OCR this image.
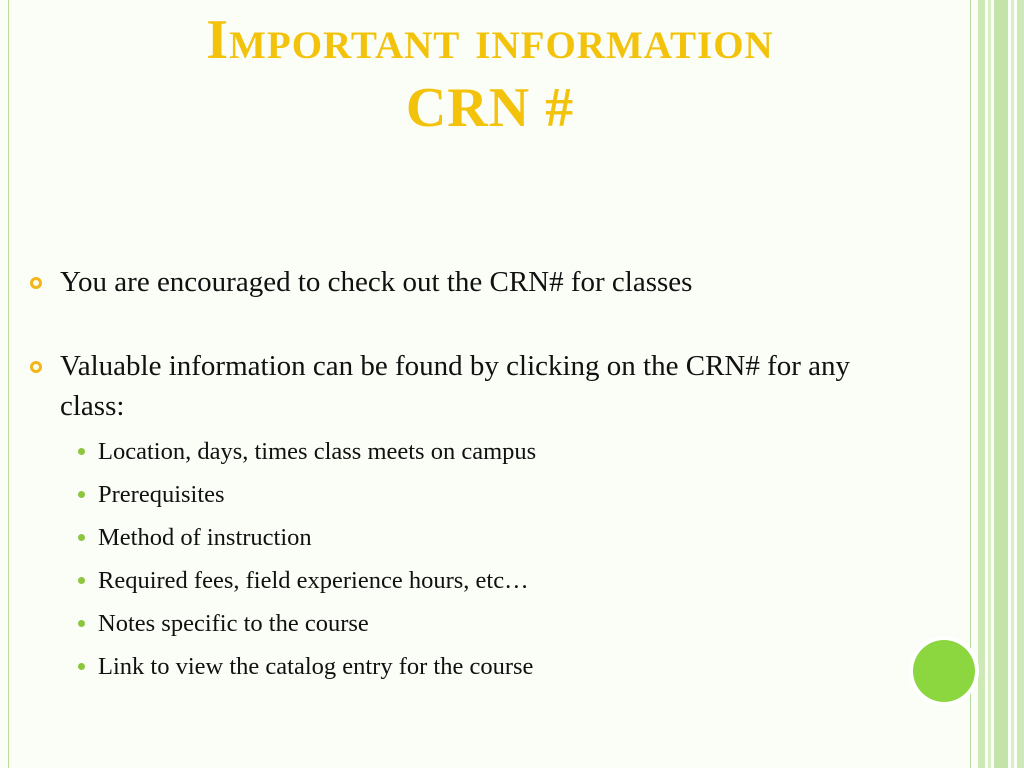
Important information
CRN #
You are encouraged to check out the CRN# for classes
Valuable information can be found by clicking on the CRN# for any class:
Location, days, times class meets on campus
Prerequisites
Method of instruction
Required fees, field experience hours, etc…
Notes specific to the course
Link to view the catalog entry for the course
